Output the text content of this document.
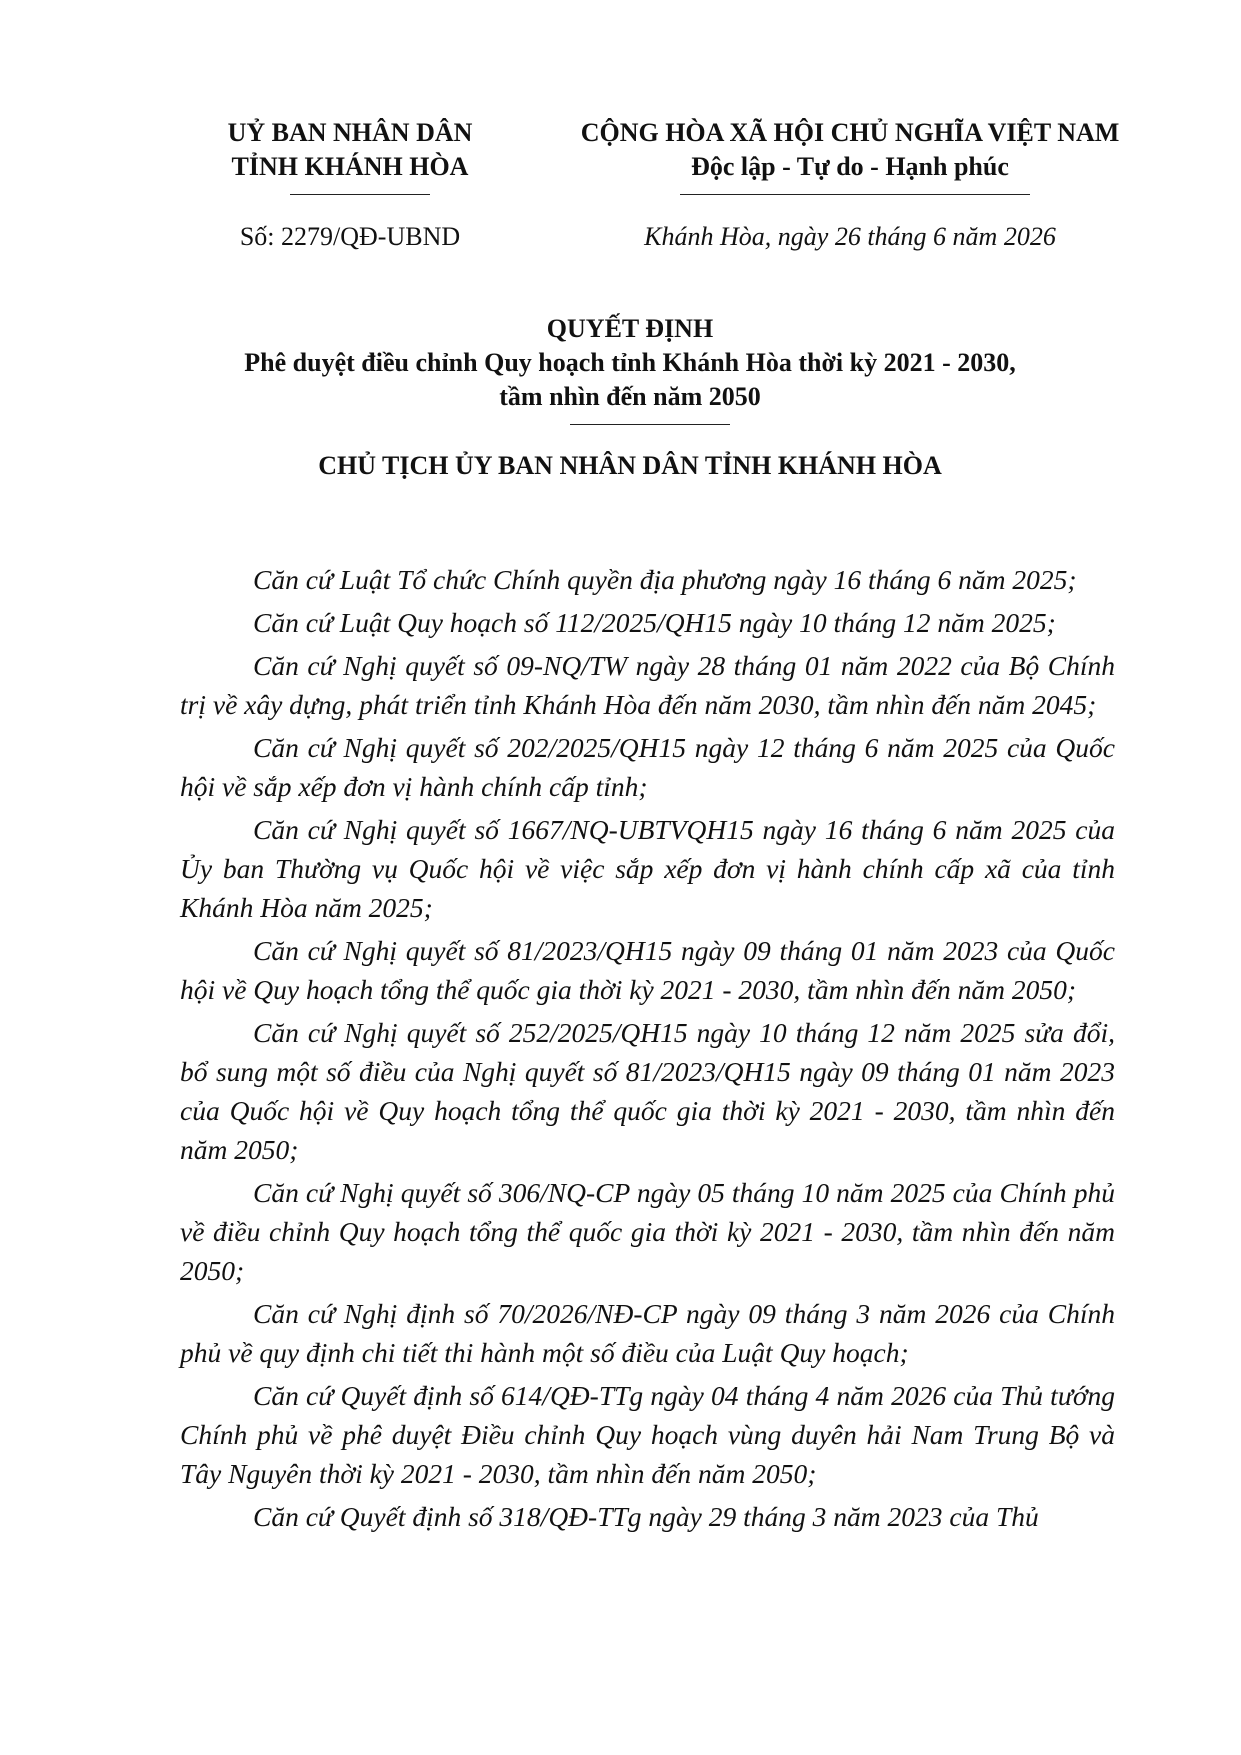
UỶ BAN NHÂN DÂN
TỈNH KHÁNH HÒA
CỘNG HÒA XÃ HỘI CHỦ NGHĨA VIỆT NAM
Độc lập - Tự do - Hạnh phúc
Số: 2279/QĐ-UBND	Khánh Hòa, ngày 26 tháng 6 năm 2026
QUYẾT ĐỊNH
Phê duyệt điều chỉnh Quy hoạch tỉnh Khánh Hòa thời kỳ 2021 - 2030,
tầm nhìn đến năm 2050
CHỦ TỊCH ỦY BAN NHÂN DÂN TỈNH KHÁNH HÒA
Căn cứ Luật Tổ chức Chính quyền địa phương ngày 16 tháng 6 năm 2025;
Căn cứ Luật Quy hoạch số 112/2025/QH15 ngày 10 tháng 12 năm 2025;
Căn cứ Nghị quyết số 09-NQ/TW ngày 28 tháng 01 năm 2022 của Bộ Chính trị về xây dựng, phát triển tỉnh Khánh Hòa đến năm 2030, tầm nhìn đến năm 2045;
Căn cứ Nghị quyết số 202/2025/QH15 ngày 12 tháng 6 năm 2025 của Quốc hội về sắp xếp đơn vị hành chính cấp tỉnh;
Căn cứ Nghị quyết số 1667/NQ-UBTVQH15 ngày 16 tháng 6 năm 2025 của Ủy ban Thường vụ Quốc hội về việc sắp xếp đơn vị hành chính cấp xã của tỉnh Khánh Hòa năm 2025;
Căn cứ Nghị quyết số 81/2023/QH15 ngày 09 tháng 01 năm 2023 của Quốc hội về Quy hoạch tổng thể quốc gia thời kỳ 2021 - 2030, tầm nhìn đến năm 2050;
Căn cứ Nghị quyết số 252/2025/QH15 ngày 10 tháng 12 năm 2025 sửa đổi, bổ sung một số điều của Nghị quyết số 81/2023/QH15 ngày 09 tháng 01 năm 2023 của Quốc hội về Quy hoạch tổng thể quốc gia thời kỳ 2021 - 2030, tầm nhìn đến năm 2050;
Căn cứ Nghị quyết số 306/NQ-CP ngày 05 tháng 10 năm 2025 của Chính phủ về điều chỉnh Quy hoạch tổng thể quốc gia thời kỳ 2021 - 2030, tầm nhìn đến năm 2050;
Căn cứ Nghị định số 70/2026/NĐ-CP ngày 09 tháng 3 năm 2026 của Chính phủ về quy định chi tiết thi hành một số điều của Luật Quy hoạch;
Căn cứ Quyết định số 614/QĐ-TTg ngày 04 tháng 4 năm 2026 của Thủ tướng Chính phủ về phê duyệt Điều chỉnh Quy hoạch vùng duyên hải Nam Trung Bộ và Tây Nguyên thời kỳ 2021 - 2030, tầm nhìn đến năm 2050;
Căn cứ Quyết định số 318/QĐ-TTg ngày 29 tháng 3 năm 2023 của Thủ
